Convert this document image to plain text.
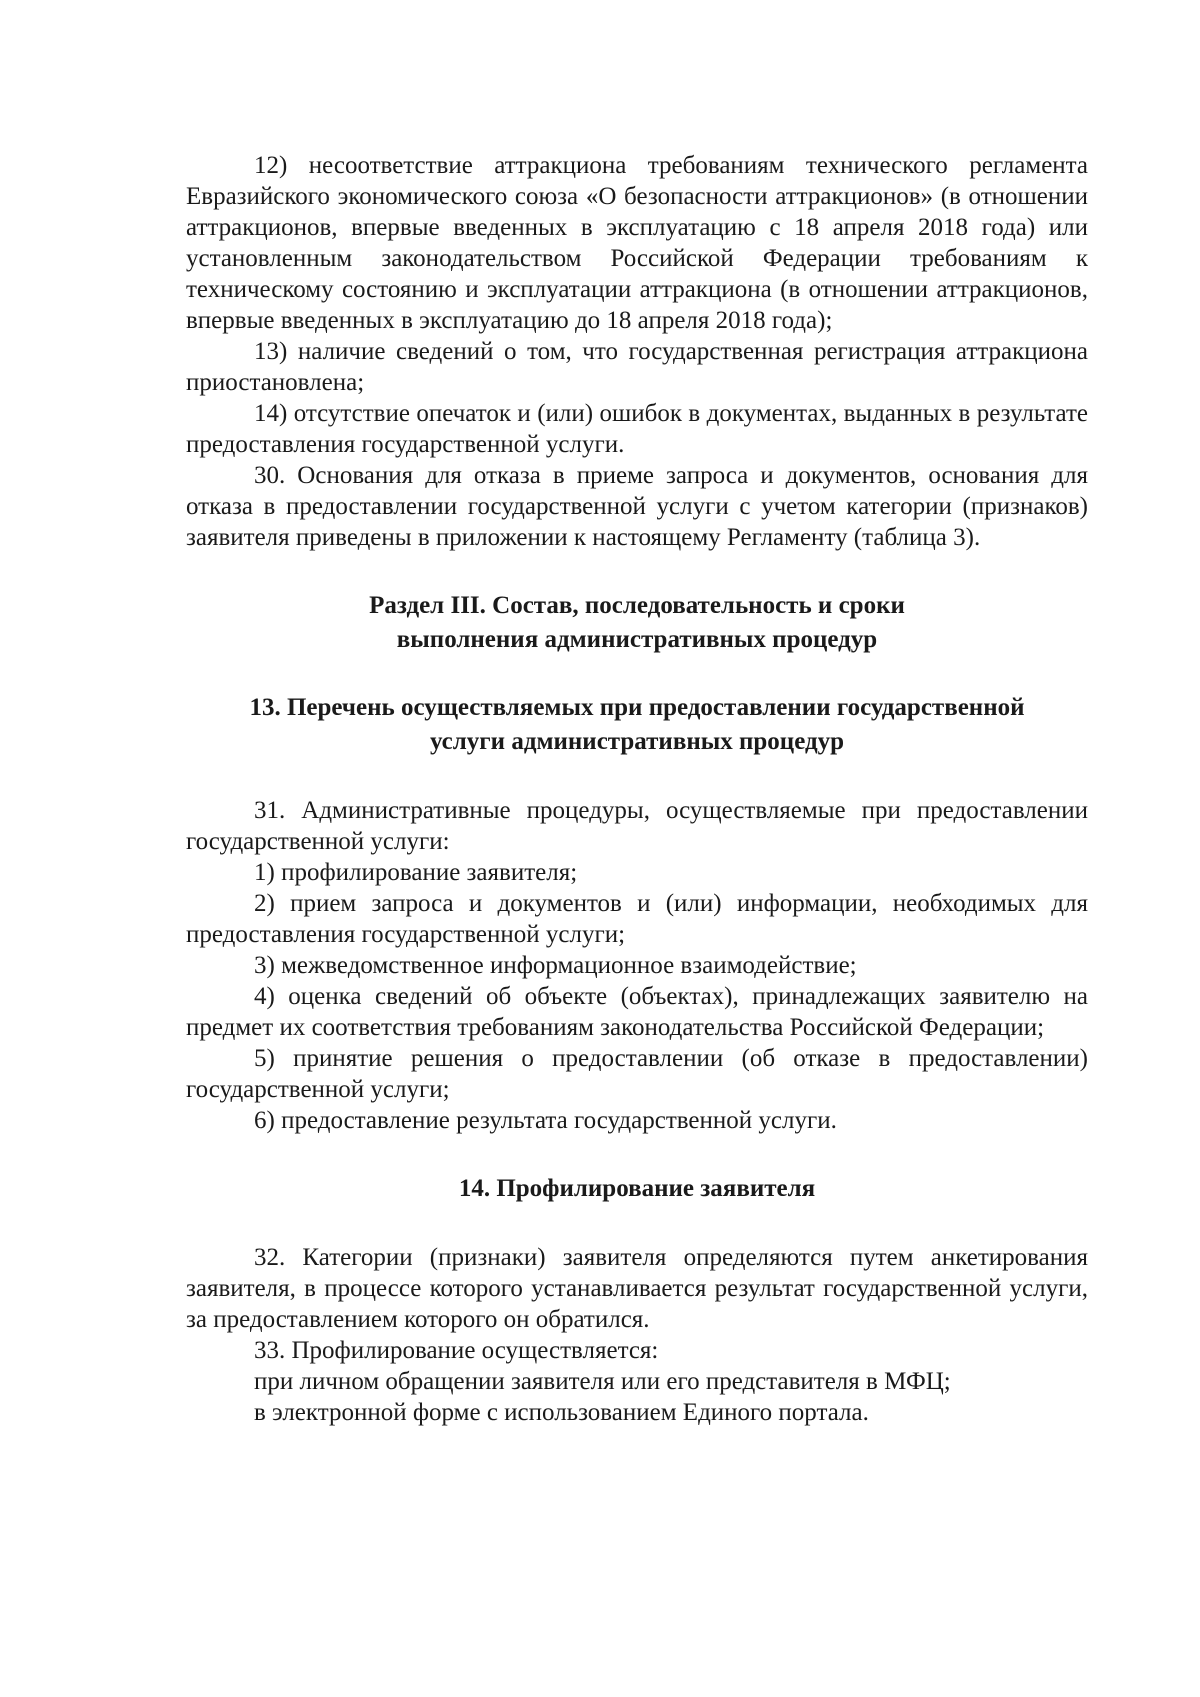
12) несоответствие аттракциона требованиям технического регламента Евразийского экономического союза «О безопасности аттракционов» (в отношении аттракционов, впервые введенных в эксплуатацию с 18 апреля 2018 года) или установленным законодательством Российской Федерации требованиям к техническому состоянию и эксплуатации аттракциона (в отношении аттракционов, впервые введенных в эксплуатацию до 18 апреля 2018 года);

13) наличие сведений о том, что государственная регистрация аттракциона приостановлена;

14) отсутствие опечаток и (или) ошибок в документах, выданных в результате предоставления государственной услуги.

30. Основания для отказа в приеме запроса и документов, основания для отказа в предоставлении государственной услуги с учетом категории (признаков) заявителя приведены в приложении к настоящему Регламенту (таблица 3).

Раздел III. Состав, последовательность и сроки
выполнения административных процедур
13. Перечень осуществляемых при предоставлении государственной
услуги административных процедур

31. Административные процедуры, осуществляемые при предоставлении государственной услуги:

1) профилирование заявителя;

2) прием запроса и документов и (или) информации, необходимых для предоставления государственной услуги;

3) межведомственное информационное взаимодействие;

4) оценка сведений об объекте (объектах), принадлежащих заявителю на предмет их соответствия требованиям законодательства Российской Федерации;

5) принятие решения о предоставлении (об отказе в предоставлении) государственной услуги;

6) предоставление результата государственной услуги.

14. Профилирование заявителя

32. Категории (признаки) заявителя определяются путем анкетирования заявителя, в процессе которого устанавливается результат государственной услуги, за предоставлением которого он обратился.

33. Профилирование осуществляется:

при личном обращении заявителя или его представителя в МФЦ;

в электронной форме с использованием Единого портала.
